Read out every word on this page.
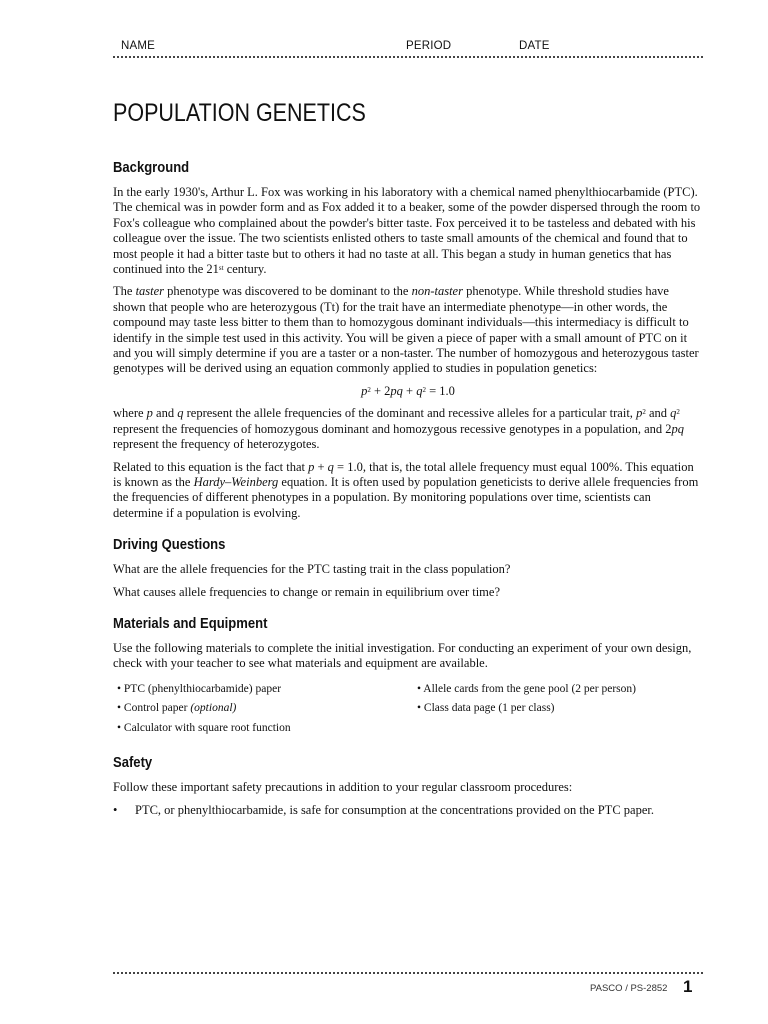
NAME	PERIOD	DATE
POPULATION GENETICS
Background

In the early 1930's, Arthur L. Fox was working in his laboratory with a chemical named phenylthiocarbamide (PTC). The chemical was in powder form and as Fox added it to a beaker, some of the powder dispersed through the room to Fox's colleague who complained about the powder's bitter taste. Fox perceived it to be tasteless and debated with his colleague over the issue. The two scientists enlisted others to taste small amounts of the chemical and found that to most people it had a bitter taste but to others it had no taste at all. This began a study in human genetics that has continued into the 21st century.

The taster phenotype was discovered to be dominant to the non-taster phenotype. While threshold studies have shown that people who are heterozygous (Tt) for the trait have an intermediate phenotype—in other words, the compound may taste less bitter to them than to homozygous dominant individuals—this intermediacy is difficult to identify in the simple test used in this activity. You will be given a piece of paper with a small amount of PTC on it and you will simply determine if you are a taster or a non-taster. The number of homozygous and heterozygous taster genotypes will be derived using an equation commonly applied to studies in population genetics:

$p^2 + 2pq + q^2 = 1.0$

where p and q represent the allele frequencies of the dominant and recessive alleles for a particular trait, $p^2$ and $q^2$ represent the frequencies of homozygous dominant and homozygous recessive genotypes in a population, and 2pq represent the frequency of heterozygotes.

Related to this equation is the fact that p + q = 1.0, that is, the total allele frequency must equal 100%. This equation is known as the Hardy–Weinberg equation. It is often used by population geneticists to derive allele frequencies from the frequencies of different phenotypes in a population. By monitoring populations over time, scientists can determine if a population is evolving.

Driving Questions

What are the allele frequencies for the PTC tasting trait in the class population?

What causes allele frequencies to change or remain in equilibrium over time?

Materials and Equipment

Use the following materials to complete the initial investigation. For conducting an experiment of your own design, check with your teacher to see what materials and equipment are available.

• PTC (phenylthiocarbamide) paper	• Allele cards from the gene pool (2 per person)
• Control paper (optional)	• Class data page (1 per class)
• Calculator with square root function
Safety

Follow these important safety precautions in addition to your regular classroom procedures:

•	PTC, or phenylthiocarbamide, is safe for consumption at the concentrations provided on the PTC paper.
PASCO / PS-2852 1
